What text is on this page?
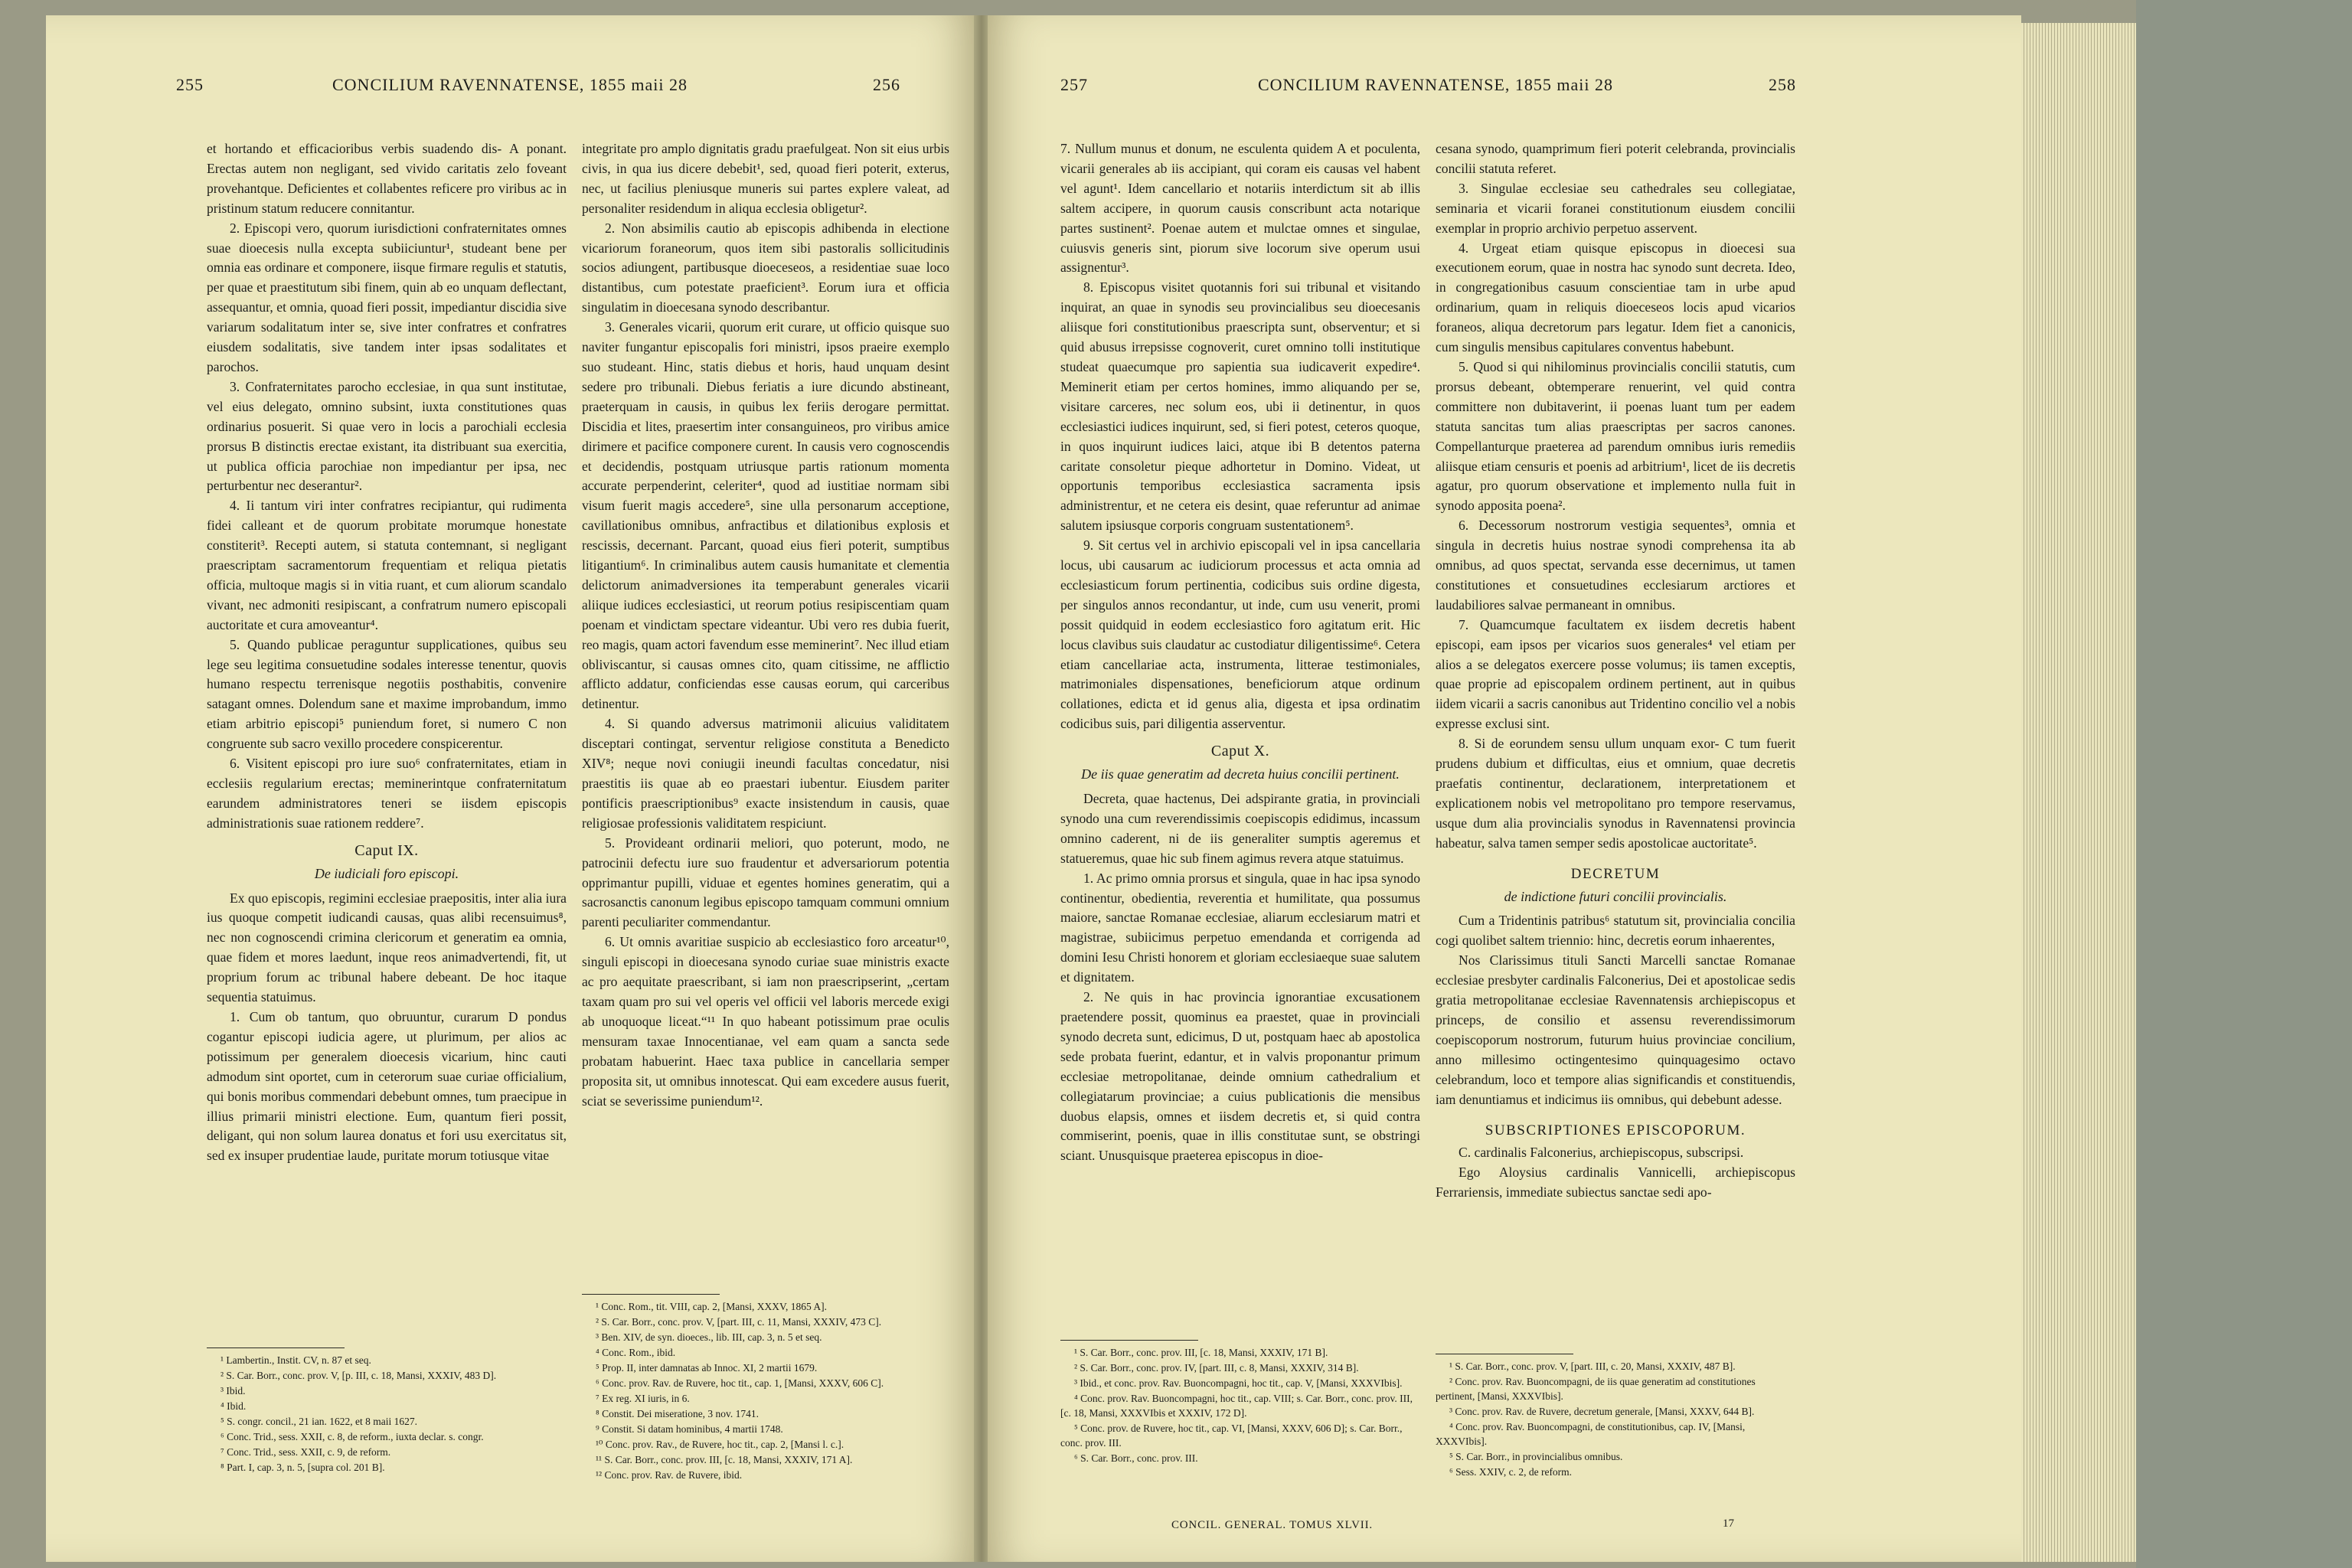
255	CONCILIUM RAVENNATENSE, 1855 maii 28	256

et hortando et efficacioribus verbis suadendo dis- A ponant. Erectas autem non negligant, sed vivido caritatis zelo foveant provehantque. Deficientes et collabentes reficere pro viribus ac in pristinum statum reducere connitantur.

2. Episcopi vero, quorum iurisdictioni confraternitates omnes suae dioecesis nulla excepta subiiciuntur¹, studeant bene per omnia eas ordinare et componere, iisque firmare regulis et statutis, per quae et praestitutum sibi finem, quin ab eo unquam deflectant, assequantur, et omnia, quoad fieri possit, impediantur discidia sive variarum sodalitatum inter se, sive inter confratres et confratres eiusdem sodalitatis, sive tandem inter ipsas sodalitates et parochos.

3. Confraternitates parocho ecclesiae, in qua sunt institutae, vel eius delegato, omnino subsint, iuxta constitutiones quas ordinarius posuerit. Si quae vero in locis a parochiali ecclesia prorsus B distinctis erectae existant, ita distribuant sua exercitia, ut publica officia parochiae non impediantur per ipsa, nec perturbentur nec deserantur².

4. Ii tantum viri inter confratres recipiantur, qui rudimenta fidei calleant et de quorum probitate morumque honestate constiterit³. Recepti autem, si statuta contemnant, si negligant praescriptam sacramentorum frequentiam et reliqua pietatis officia, multoque magis si in vitia ruant, et cum aliorum scandalo vivant, nec admoniti resipiscant, a confratrum numero episcopali auctoritate et cura amoveantur⁴.

5. Quando publicae peraguntur supplicationes, quibus seu lege seu legitima consuetudine sodales interesse tenentur, quovis humano respectu terrenisque negotiis posthabitis, convenire satagant omnes. Dolendum sane et maxime improbandum, immo etiam arbitrio episcopi⁵ puniendum foret, si numero C non congruente sub sacro vexillo procedere conspicerentur.

6. Visitent episcopi pro iure suo⁶ confraternitates, etiam in ecclesiis regularium erectas; meminerintque confraternitatum earundem administratores teneri se iisdem episcopis administrationis suae rationem reddere⁷.

Caput IX.
De iudiciali foro episcopi.

Ex quo episcopis, regimini ecclesiae praepositis, inter alia iura ius quoque competit iudicandi causas, quas alibi recensuimus⁸, nec non cognoscendi crimina clericorum et generatim ea omnia, quae fidem et mores laedunt, inque reos animadvertendi, fit, ut proprium forum ac tribunal habere debeant. De hoc itaque sequentia statuimus.

1. Cum ob tantum, quo obruuntur, curarum D pondus cogantur episcopi iudicia agere, ut plurimum, per alios ac potissimum per generalem dioecesis vicarium, hinc cauti admodum sint oportet, cum in ceterorum suae curiae officialium, qui bonis moribus commendari debebunt omnes, tum praecipue in illius primarii ministri electione. Eum, quantum fieri possit, deligant, qui non solum laurea donatus et fori usu exercitatus sit, sed ex insuper prudentiae laude, puritate morum totiusque vitae

¹ Lambertin., Instit. CV, n. 87 et seq.
² S. Car. Borr., conc. prov. V, [p. III, c. 18, Mansi, XXXIV, 483 D].
³ Ibid.
⁴ Ibid.
⁵ S. congr. concil., 21 ian. 1622, et 8 maii 1627.
⁶ Conc. Trid., sess. XXII, c. 8, de reform., iuxta declar. s. congr.
⁷ Conc. Trid., sess. XXII, c. 9, de reform.
⁸ Part. I, cap. 3, n. 5, [supra col. 201 B].

integritate pro amplo dignitatis gradu praefulgeat. Non sit eius urbis civis, in qua ius dicere debebit¹, sed, quoad fieri poterit, exterus, nec, ut facilius pleniusque muneris sui partes explere valeat, ad personaliter residendum in aliqua ecclesia obligetur².

2. Non absimilis cautio ab episcopis adhibenda in electione vicariorum foraneorum, quos item sibi pastoralis sollicitudinis socios adiungent, partibusque dioeceseos, a residentiae suae loco distantibus, cum potestate praeficient³. Eorum iura et officia singulatim in dioecesana synodo describantur.

3. Generales vicarii, quorum erit curare, ut officio quisque suo naviter fungantur episcopalis fori ministri, ipsos praeire exemplo suo studeant. Hinc, statis diebus et horis, haud unquam desint sedere pro tribunali. Diebus feriatis a iure dicundo abstineant, praeterquam in causis, in quibus lex feriis derogare permittat. Discidia et lites, praesertim inter consanguineos, pro viribus amice dirimere et pacifice componere curent. In causis vero cognoscendis et decidendis, postquam utriusque partis rationum momenta accurate perpenderint, celeriter⁴, quod ad iustitiae normam sibi visum fuerit magis accedere⁵, sine ulla personarum acceptione, cavillationibus omnibus, anfractibus et dilationibus explosis et rescissis, decernant. Parcant, quoad eius fieri poterit, sumptibus litigantium⁶. In criminalibus autem causis humanitate et clementia delictorum animadversiones ita temperabunt generales vicarii aliique iudices ecclesiastici, ut reorum potius resipiscentiam quam poenam et vindictam spectare videantur. Ubi vero res dubia fuerit, reo magis, quam actori favendum esse meminerint⁷. Nec illud etiam obliviscantur, si causas omnes cito, quam citissime, ne afflictio afflicto addatur, conficiendas esse causas eorum, qui carceribus detinentur.

4. Si quando adversus matrimonii alicuius validitatem disceptari contingat, serventur religiose constituta a Benedicto XIV⁸; neque novi coniugii ineundi facultas concedatur, nisi praestitis iis quae ab eo praestari iubentur. Eiusdem pariter pontificis praescriptionibus⁹ exacte insistendum in causis, quae religiosae professionis validitatem respiciunt.

5. Provideant ordinarii meliori, quo poterunt, modo, ne patrocinii defectu iure suo fraudentur et adversariorum potentia opprimantur pupilli, viduae et egentes homines generatim, qui a sacrosanctis canonum legibus episcopo tamquam communi omnium parenti peculiariter commendantur.

6. Ut omnis avaritiae suspicio ab ecclesiastico foro arceatur¹⁰, singuli episcopi in dioecesana synodo curiae suae ministris exacte ac pro aequitate praescribant, si iam non praescripserint, „certam taxam quam pro sui vel operis vel officii vel laboris mercede exigi ab unoquoque liceat.“¹¹ In quo habeant potissimum prae oculis mensuram taxae Innocentianae, vel eam quam a sancta sede probatam habuerint. Haec taxa publice in cancellaria semper proposita sit, ut omnibus innotescat. Qui eam excedere ausus fuerit, sciat se severissime puniendum¹².

¹ Conc. Rom., tit. VIII, cap. 2, [Mansi, XXXV, 1865 A].
² S. Car. Borr., conc. prov. V, [part. III, c. 11, Mansi, XXXIV, 473 C].
³ Ben. XIV, de syn. dioeces., lib. III, cap. 3, n. 5 et seq.
⁴ Conc. Rom., ibid.
⁵ Prop. II, inter damnatas ab Innoc. XI, 2 martii 1679.
⁶ Conc. prov. Rav. de Ruvere, hoc tit., cap. 1, [Mansi, XXXV, 606 C].
⁷ Ex reg. XI iuris, in 6.
⁸ Constit. Dei miseratione, 3 nov. 1741.
⁹ Constit. Si datam hominibus, 4 martii 1748.
¹⁰ Conc. prov. Rav., de Ruvere, hoc tit., cap. 2, [Mansi l. c.].
¹¹ S. Car. Borr., conc. prov. III, [c. 18, Mansi, XXXIV, 171 A].
¹² Conc. prov. Rav. de Ruvere, ibid.
257	CONCILIUM RAVENNATENSE, 1855 maii 28	258

7. Nullum munus et donum, ne esculenta quidem A et poculenta, vicarii generales ab iis accipiant, qui coram eis causas vel habent vel agunt¹. Idem cancellario et notariis interdictum sit ab illis saltem accipere, in quorum causis conscribunt acta notarique partes sustinent². Poenae autem et mulctae omnes et singulae, cuiusvis generis sint, piorum sive locorum sive operum usui assignentur³.

8. Episcopus visitet quotannis fori sui tribunal et visitando inquirat, an quae in synodis seu provincialibus seu dioecesanis aliisque fori constitutionibus praescripta sunt, observentur; et si quid abusus irrepsisse cognoverit, curet omnino tolli institutique studeat quaecumque pro sapientia sua iudicaverit expedire⁴. Meminerit etiam per certos homines, immo aliquando per se, visitare carceres, nec solum eos, ubi ii detinentur, in quos ecclesiastici iudices inquirunt, sed, si fieri potest, ceteros quoque, in quos inquirunt iudices laici, atque ibi B detentos paterna caritate consoletur pieque adhortetur in Domino. Videat, ut opportunis temporibus ecclesiastica sacramenta ipsis administrentur, et ne cetera eis desint, quae referuntur ad animae salutem ipsiusque corporis congruam sustentationem⁵.

9. Sit certus vel in archivio episcopali vel in ipsa cancellaria locus, ubi causarum ac iudiciorum processus et acta omnia ad ecclesiasticum forum pertinentia, codicibus suis ordine digesta, per singulos annos recondantur, ut inde, cum usu venerit, promi possit quidquid in eodem ecclesiastico foro agitatum erit. Hic locus clavibus suis claudatur ac custodiatur diligentissime⁶. Cetera etiam cancellariae acta, instrumenta, litterae testimoniales, matrimoniales dispensationes, beneficiorum atque ordinum collationes, edicta et id genus alia, digesta et ipsa ordinatim codicibus suis, pari diligentia asserventur.

Caput X.
De iis quae generatim ad decreta huius concilii pertinent.

Decreta, quae hactenus, Dei adspirante gratia, in provinciali synodo una cum reverendissimis coepiscopis edidimus, incassum omnino caderent, ni de iis generaliter sumptis ageremus et statueremus, quae hic sub finem agimus revera atque statuimus.

1. Ac primo omnia prorsus et singula, quae in hac ipsa synodo continentur, obedientia, reverentia et humilitate, qua possumus maiore, sanctae Romanae ecclesiae, aliarum ecclesiarum matri et magistrae, subiicimus perpetuo emendanda et corrigenda ad domini Iesu Christi honorem et gloriam ecclesiaeque suae salutem et dignitatem.

2. Ne quis in hac provincia ignorantiae excusationem praetendere possit, quominus ea praestet, quae in provinciali synodo decreta sunt, edicimus, D ut, postquam haec ab apostolica sede probata fuerint, edantur, et in valvis proponantur primum ecclesiae metropolitanae, deinde omnium cathedralium et collegiatarum provinciae; a cuius publicationis die mensibus duobus elapsis, omnes et iisdem decretis et, si quid contra commiserint, poenis, quae in illis constitutae sunt, se obstringi sciant. Unusquisque praeterea episcopus in dioe-

¹ S. Car. Borr., conc. prov. III, [c. 18, Mansi, XXXIV, 171 B].
² S. Car. Borr., conc. prov. IV, [part. III, c. 8, Mansi, XXXIV, 314 B].
³ Ibid., et conc. prov. Rav. Buoncompagni, hoc tit., cap. V, [Mansi, XXXVIbis].
⁴ Conc. prov. Rav. Buoncompagni, hoc tit., cap. VIII; s. Car. Borr., conc. prov. III, [c. 18, Mansi, XXXVIbis et XXXIV, 172 D].
⁵ Conc. prov. de Ruvere, hoc tit., cap. VI, [Mansi, XXXV, 606 D]; s. Car. Borr., conc. prov. III.
⁶ S. Car. Borr., conc. prov. III.
CONCIL. GENERAL. TOMUS XLVII.

cesana synodo, quamprimum fieri poterit celebranda, provincialis concilii statuta referet.

3. Singulae ecclesiae seu cathedrales seu collegiatae, seminaria et vicarii foranei constitutionum eiusdem concilii exemplar in proprio archivio perpetuo asservent.

4. Urgeat etiam quisque episcopus in dioecesi sua executionem eorum, quae in nostra hac synodo sunt decreta. Ideo, in congregationibus casuum conscientiae tam in urbe apud ordinarium, quam in reliquis dioeceseos locis apud vicarios foraneos, aliqua decretorum pars legatur. Idem fiet a canonicis, cum singulis mensibus capitulares conventus habebunt.

5. Quod si qui nihilominus provincialis concilii statutis, cum prorsus debeant, obtemperare renuerint, vel quid contra committere non dubitaverint, ii poenas luant tum per eadem statuta sancitas tum alias praescriptas per sacros canones. Compellanturque praeterea ad parendum omnibus iuris remediis aliisque etiam censuris et poenis ad arbitrium¹, licet de iis decretis agatur, pro quorum observatione et implemento nulla fuit in synodo apposita poena².

6. Decessorum nostrorum vestigia sequentes³, omnia et singula in decretis huius nostrae synodi comprehensa ita ab omnibus, ad quos spectat, servanda esse decernimus, ut tamen constitutiones et consuetudines ecclesiarum arctiores et laudabiliores salvae permaneant in omnibus.

7. Quamcumque facultatem ex iisdem decretis habent episcopi, eam ipsos per vicarios suos generales⁴ vel etiam per alios a se delegatos exercere posse volumus; iis tamen exceptis, quae proprie ad episcopalem ordinem pertinent, aut in quibus iidem vicarii a sacris canonibus aut Tridentino concilio vel a nobis expresse exclusi sint.

8. Si de eorundem sensu ullum unquam exor- C tum fuerit prudens dubium et difficultas, eius et omnium, quae decretis praefatis continentur, declarationem, interpretationem et explicationem nobis vel metropolitano pro tempore reservamus, usque dum alia provincialis synodus in Ravennatensi provincia habeatur, salva tamen semper sedis apostolicae auctoritate⁵.

DECRETUM
de indictione futuri concilii provincialis.

Cum a Tridentinis patribus⁶ statutum sit, provincialia concilia cogi quolibet saltem triennio: hinc, decretis eorum inhaerentes,

Nos Clarissimus tituli Sancti Marcelli sanctae Romanae ecclesiae presbyter cardinalis Falconerius, Dei et apostolicae sedis gratia metropolitanae ecclesiae Ravennatensis archiepiscopus et princeps, de consilio et assensu reverendissimorum coepiscoporum nostrorum, futurum huius provinciae concilium, anno millesimo octingentesimo quinquagesimo octavo celebrandum, loco et tempore alias significandis et constituendis, iam denuntiamus et indicimus iis omnibus, qui debebunt adesse.

SUBSCRIPTIONES EPISCOPORUM.

C. cardinalis Falconerius, archiepiscopus, subscripsi.

Ego Aloysius cardinalis Vannicelli, archiepiscopus Ferrariensis, immediate subiectus sanctae sedi apo-

¹ S. Car. Borr., conc. prov. V, [part. III, c. 20, Mansi, XXXIV, 487 B].
² Conc. prov. Rav. Buoncompagni, de iis quae generatim ad constitutiones pertinent, [Mansi, XXXVIbis].
³ Conc. prov. Rav. de Ruvere, decretum generale, [Mansi, XXXV, 644 B].
⁴ Conc. prov. Rav. Buoncompagni, de constitutionibus, cap. IV, [Mansi, XXXVIbis].
⁵ S. Car. Borr., in provincialibus omnibus.
⁶ Sess. XXIV, c. 2, de reform.
17
